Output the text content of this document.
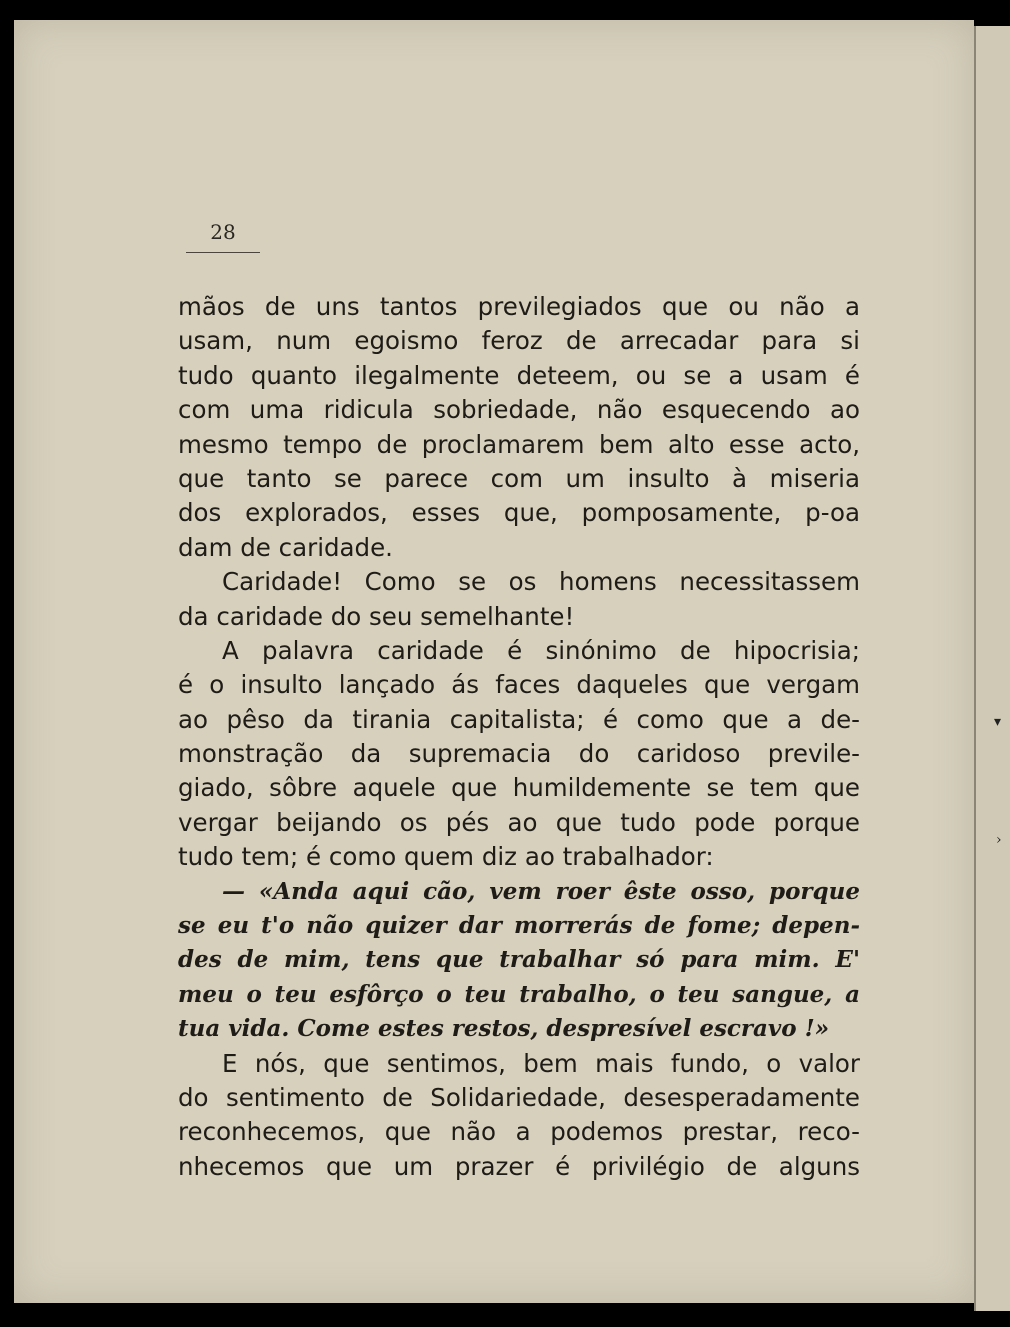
28
mãos de uns tantos previlegiados que ou não a
usam, num egoismo feroz de arrecadar para si
tudo quanto ilegalmente deteem, ou se a usam é
com uma ridicula sobriedade, não esquecendo ao
mesmo tempo de proclamarem bem alto esse acto,
que tanto se parece com um insulto à miseria
dos explorados, esses que, pomposamente, p-oa
dam de caridade.
Caridade! Como se os homens necessitassem
da caridade do seu semelhante!
A palavra caridade é sinónimo de hipocrisia;
é o insulto lançado ás faces daqueles que vergam
ao pêso da tirania capitalista; é como que a de-
monstração da supremacia do caridoso previle-
giado, sôbre aquele que humildemente se tem que
vergar beijando os pés ao que tudo pode porque
tudo tem; é como quem diz ao trabalhador:
— «Anda aqui cão, vem roer êste osso, porque
se eu t'o não quizer dar morrerás de fome; depen-
des de mim, tens que trabalhar só para mim. E'
meu o teu esfôrço o teu trabalho, o teu sangue, a
tua vida. Come estes restos, despresível escravo !»
E nós, que sentimos, bem mais fundo, o valor
do sentimento de Solidariedade, desesperadamente
reconhecemos, que não a podemos prestar, reco-
nhecemos que um prazer é privilégio de alguns
▾
›
